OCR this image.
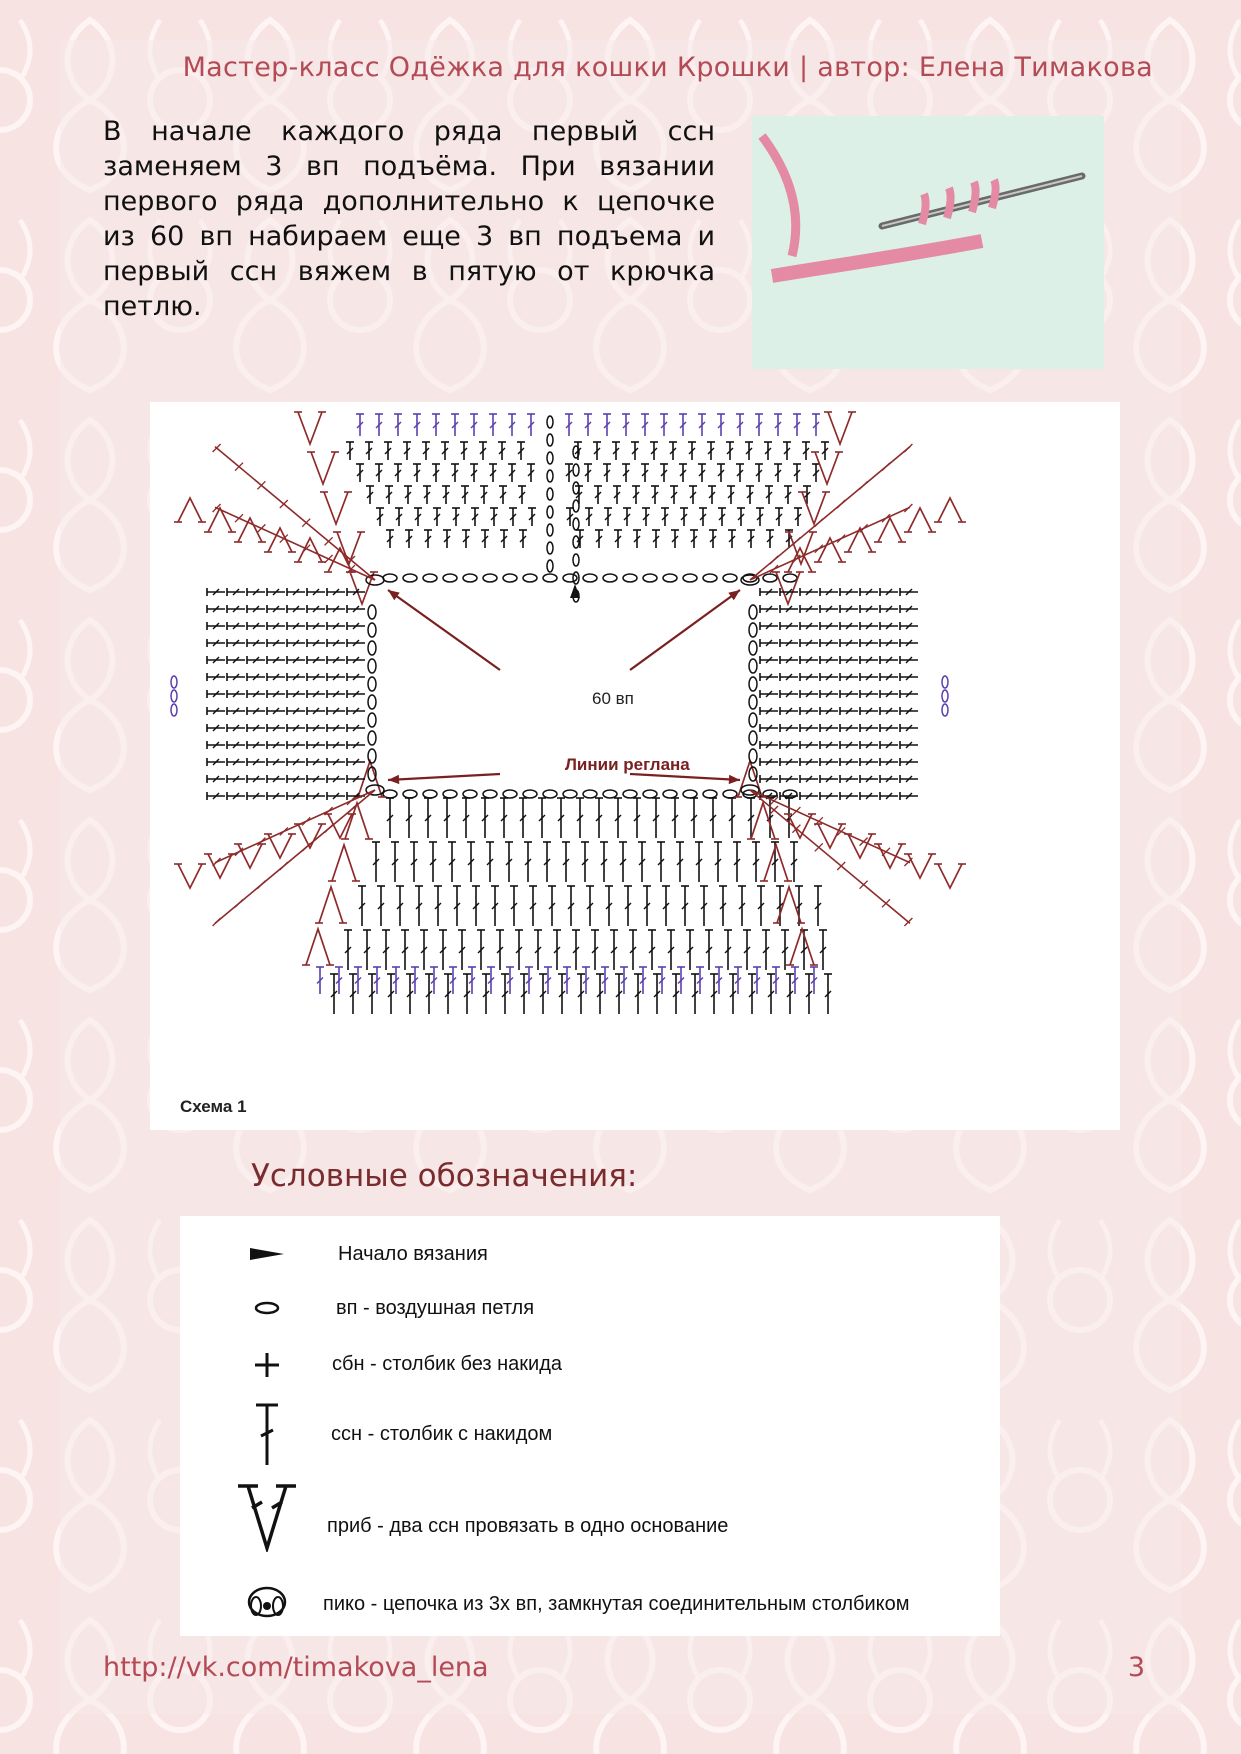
Мастер-класс Одёжка для кошки Крошки | автор: Елена Тимакова
В начале каждого ряда первый ссн заменяем 3 вп подъёма. При вязании первого ряда дополнительно к цепочке из 60 вп набираем еще 3 вп подъема и первый ссн вяжем в пятую от крючка петлю.
60 вп
Линии реглана
Схема 1
Условные обозначения:
Начало вязания
вп - воздушная петля
сбн - столбик без накида
ссн - столбик с накидом
приб - два ссн провязать в одно основание
пико - цепочка из 3х вп, замкнутая соединительным столбиком
http://vk.com/timakova_lena	3
